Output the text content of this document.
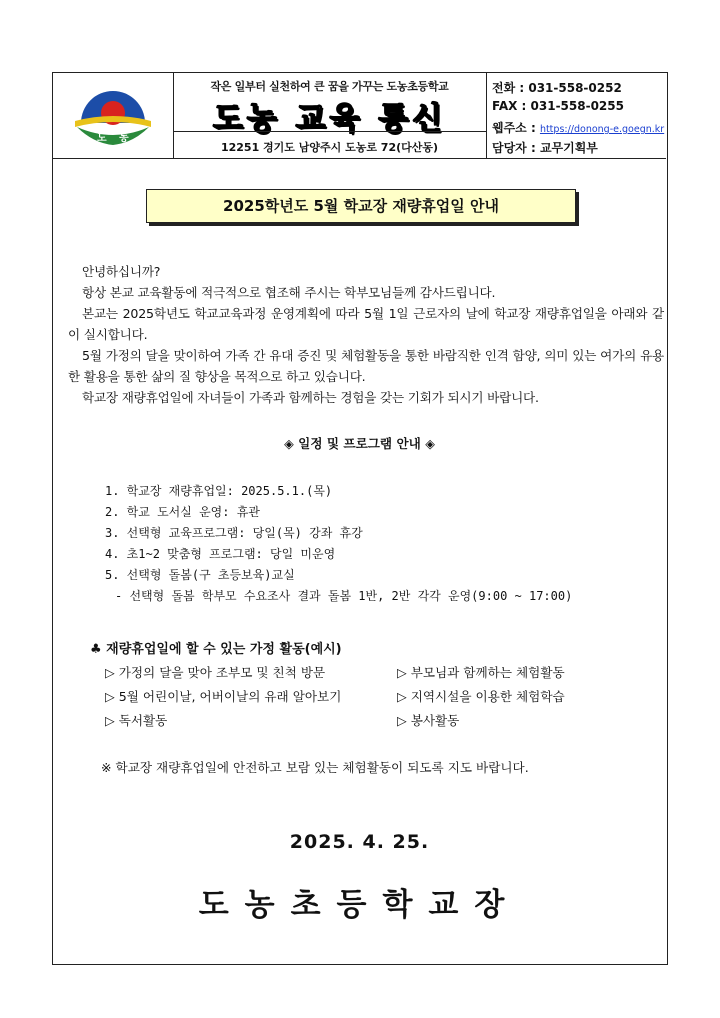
도 농
작은 일부터 실천하여 큰 꿈을 가꾸는 도농초등학교
도농 교육 통신
12251 경기도 남양주시 도농로 72(다산동)
전화 : 031-558-0252
FAX : 031-558-0255
웹주소 : https://donong-e.goegn.kr
담당자 : 교무기획부
2025학년도 5월 학교장 재량휴업일 안내

안녕하십니까?

항상 본교 교육활동에 적극적으로 협조해 주시는 학부모님들께 감사드립니다.

본교는 2025학년도 학교교육과정 운영계획에 따라 5월 1일 근로자의 날에 학교장 재량휴업일을 아래와 같이 실시합니다.

5월 가정의 달을 맞이하여 가족 간 유대 증진 및 체험활동을 통한 바람직한 인격 함양, 의미 있는 여가의 유용한 활용을 통한 삶의 질 향상을 목적으로 하고 있습니다.

학교장 재량휴업일에 자녀들이 가족과 함께하는 경험을 갖는 기회가 되시기 바랍니다.

◈ 일정 및 프로그램 안내 ◈
1. 학교장 재량휴업일: 2025.5.1.(목)
2. 학교 도서실 운영: 휴관
3. 선택형 교육프로그램: 당일(목) 강좌 휴강
4. 초1~2 맞춤형 프로그램: 당일 미운영
5. 선택형 돌봄(구 초등보육)교실
- 선택형 돌봄 학부모 수요조사 결과 돌봄 1반, 2반 각각 운영(9:00 ~ 17:00)
♣ 재량휴업일에 할 수 있는 가정 활동(예시)
▷ 가정의 달을 맞아 조부모 및 친척 방문	▷ 부모님과 함께하는 체험활동
▷ 5월 어린이날, 어버이날의 유래 알아보기	▷ 지역시설을 이용한 체험학습
▷ 독서활동	▷ 봉사활동
※ 학교장 재량휴업일에 안전하고 보람 있는 체험활동이 되도록 지도 바랍니다.
2025. 4. 25.
도농초등학교장
